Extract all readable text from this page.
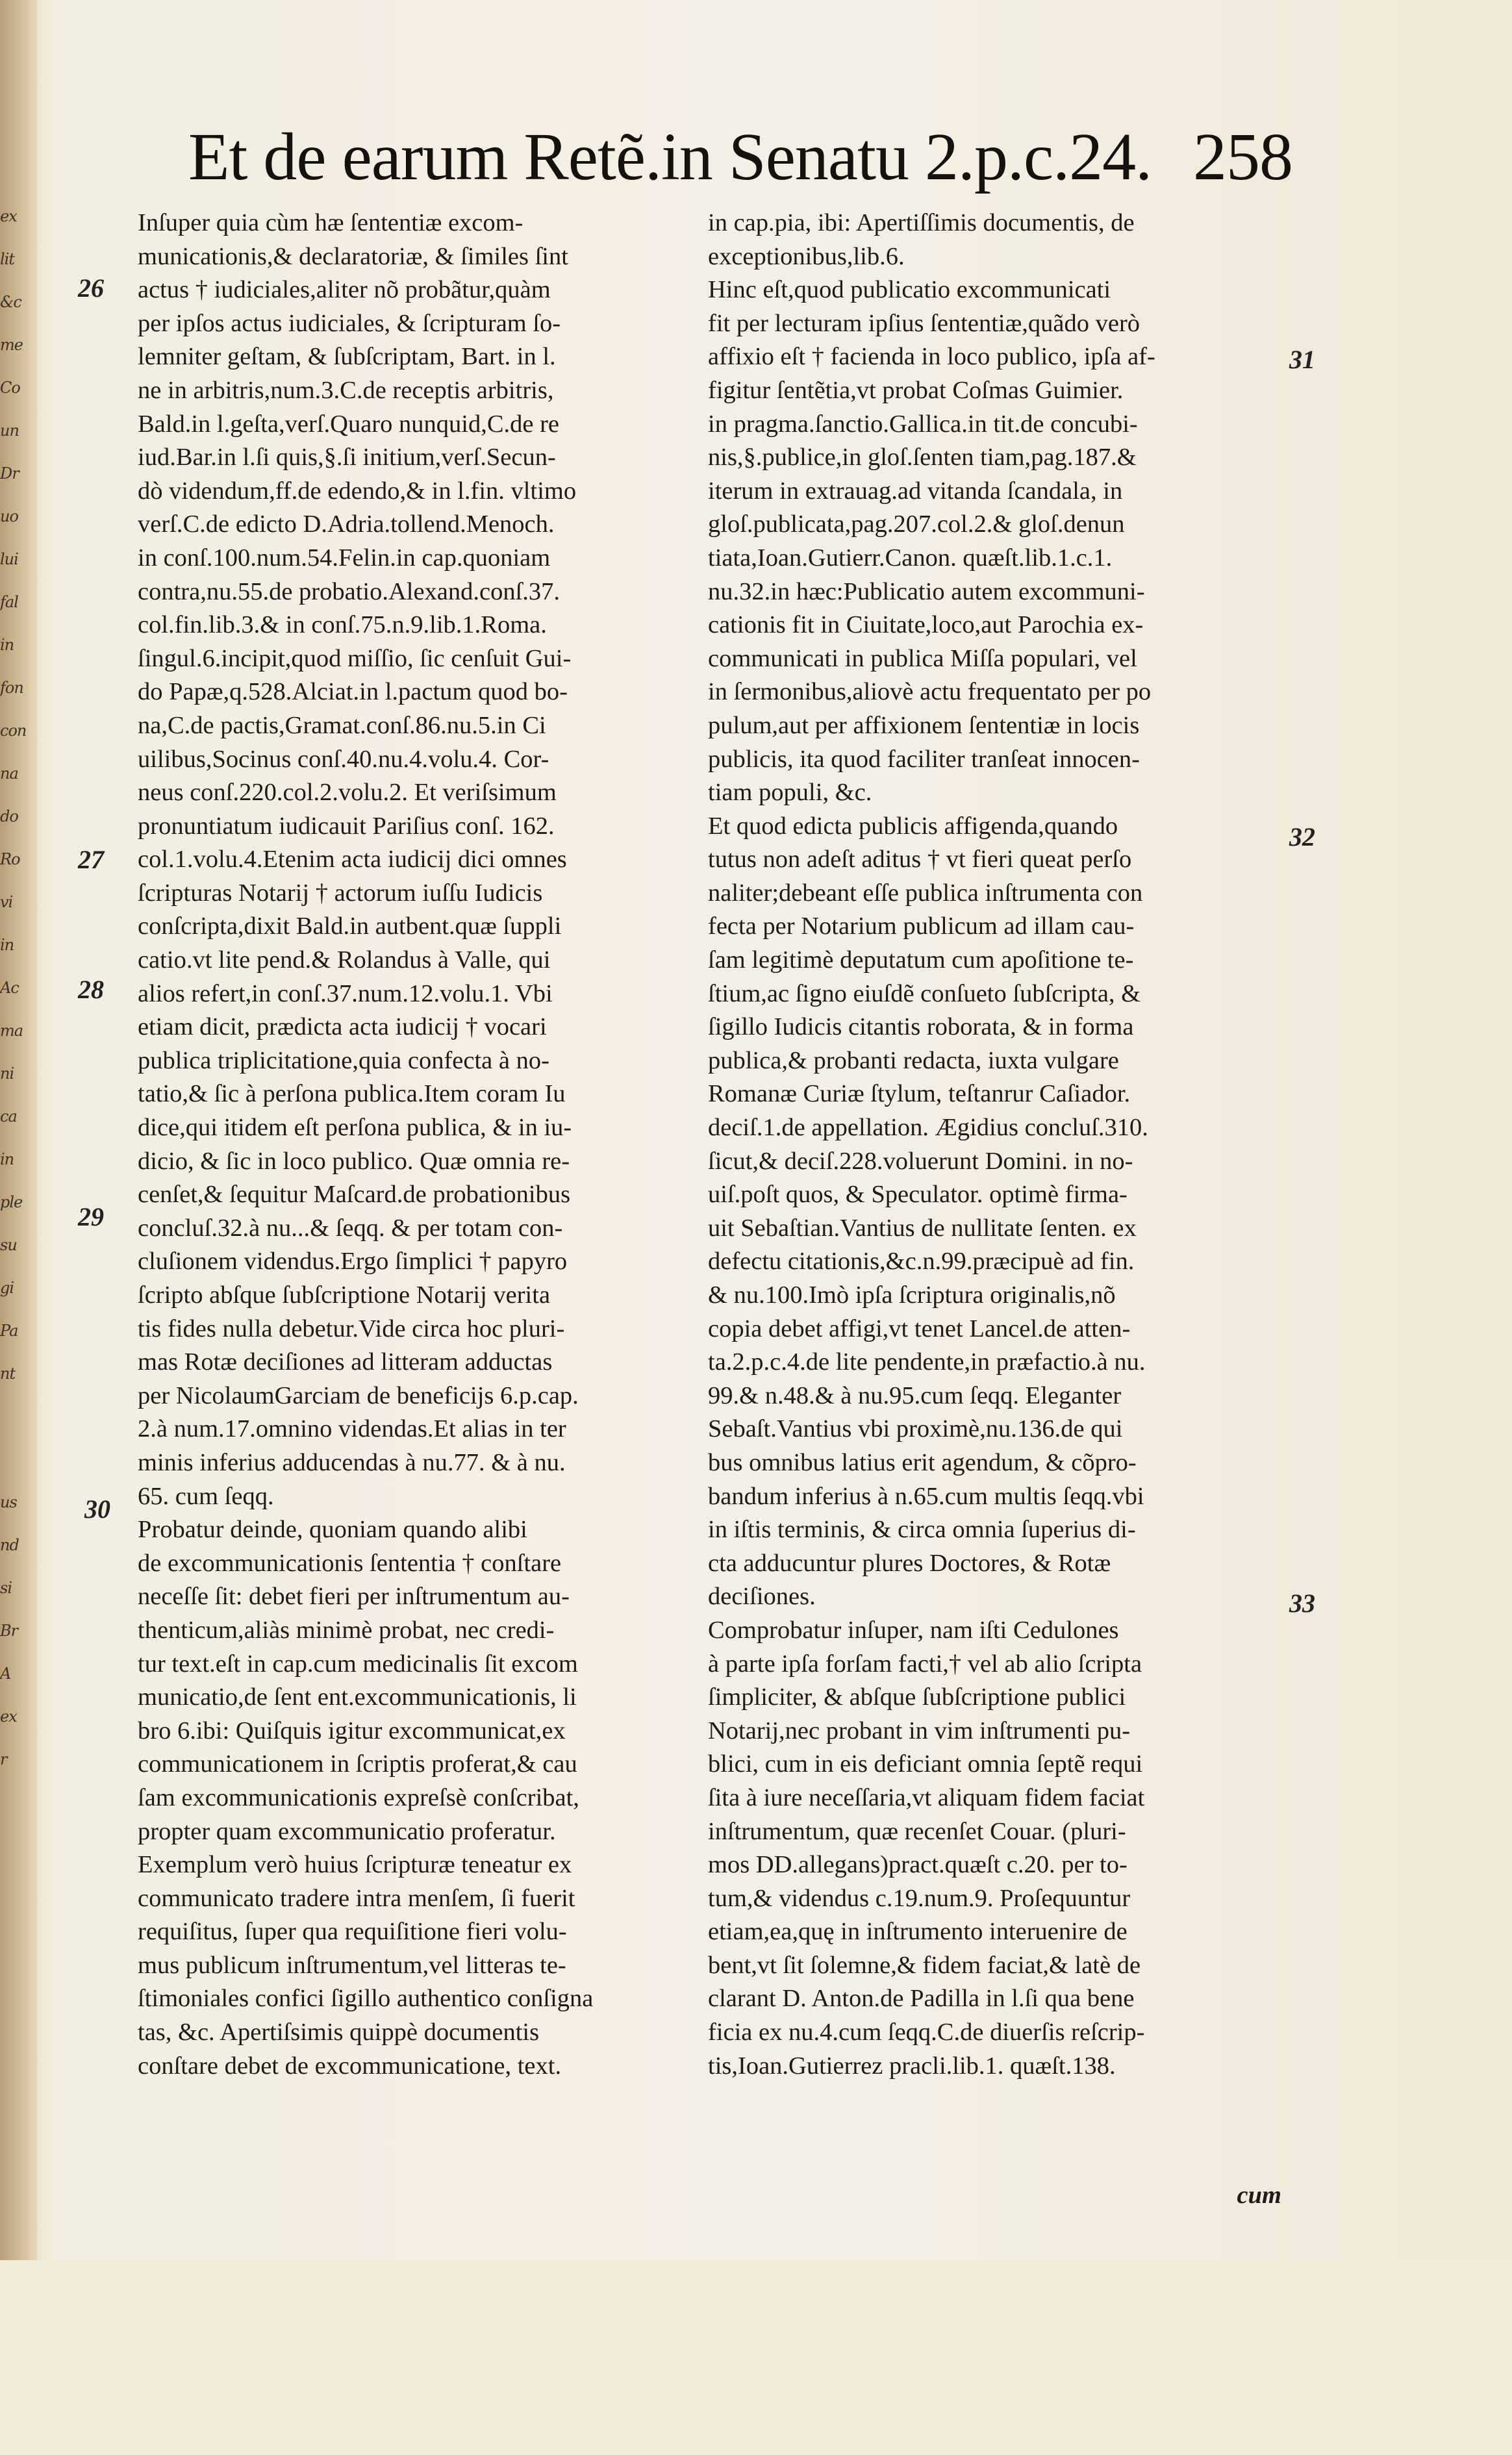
ex
lit
&c
me
Co
un
Dr
uo
lui
fal
in
fon
con
na
do
Ro
vi
in
Ac
ma
ni
ca
in
ple
su
gi
Pa
nt

us
nd
si
Br
A
ex
r
Et de earum Retẽ.in Senatu 2.p.c.24. 258
Inſuper quia cùm hæ ſententiæ excom-
municationis,& declaratoriæ, & ſimiles ſint
actus † iudiciales,aliter nõ probãtur,quàm
per ipſos actus iudiciales, & ſcripturam ſo-
lemniter geſtam, & ſubſcriptam, Bart. in l.
ne in arbitris,num.3.C.de receptis arbitris,
Bald.in l.geſta,verſ.Quaro nunquid,C.de re
iud.Bar.in l.ſi quis,§.ſi initium,verſ.Secun-
dò videndum,ff.de edendo,& in l.fin. vltimo
verſ.C.de edicto D.Adria.tollend.Menoch.
in conſ.100.num.54.Felin.in cap.quoniam
contra,nu.55.de probatio.Alexand.conſ.37.
col.fin.lib.3.& in conſ.75.n.9.lib.1.Roma.
ſingul.6.incipit,quod miſſio, ſic cenſuit Gui-
do Papæ,q.528.Alciat.in l.pactum quod bo-
na,C.de pactis,Gramat.conſ.86.nu.5.in Ci
uilibus,Socinus conſ.40.nu.4.volu.4. Cor-
neus conſ.220.col.2.volu.2. Et veriſsimum
pronuntiatum iudicauit Pariſius conſ. 162.
col.1.volu.4.Etenim acta iudicij dici omnes
ſcripturas Notarij † actorum iuſſu Iudicis
conſcripta,dixit Bald.in autbent.quæ ſuppli
catio.vt lite pend.& Rolandus à Valle, qui
alios refert,in conſ.37.num.12.volu.1. Vbi
etiam dicit, prædicta acta iudicij † vocari
publica triplicitatione,quia confecta à no-
tatio,& ſic à perſona publica.Item coram Iu
dice,qui itidem eſt perſona publica, & in iu-
dicio, & ſic in loco publico. Quæ omnia re-
cenſet,& ſequitur Maſcard.de probationibus
concluſ.32.à nu...& ſeqq. & per totam con-
cluſionem videndus.Ergo ſimplici † papyro
ſcripto abſque ſubſcriptione Notarij verita
tis fides nulla debetur.Vide circa hoc pluri-
mas Rotæ deciſiones ad litteram adductas
per NicolaumGarciam de beneficijs 6.p.cap.
2.à num.17.omnino videndas.Et alias in ter
minis inferius adducendas à nu.77. & à nu.
65. cum ſeqq.
Probatur deinde, quoniam quando alibi
de excommunicationis ſententia † conſtare
neceſſe ſit: debet fieri per inſtrumentum au-
thenticum,aliàs minimè probat, nec credi-
tur text.eſt in cap.cum medicinalis ſit excom
municatio,de ſent ent.excommunicationis, li
bro 6.ibi: Quiſquis igitur excommunicat,ex
communicationem in ſcriptis proferat,& cau
ſam excommunicationis expreſsè conſcribat,
propter quam excommunicatio proferatur.
Exemplum verò huius ſcripturæ teneatur ex
communicato tradere intra menſem, ſi fuerit
requiſitus, ſuper qua requiſitione fieri volu-
mus publicum inſtrumentum,vel litteras te-
ſtimoniales confici ſigillo authentico conſigna
tas, &c. Apertiſsimis quippè documentis
conſtare debet de excommunicatione, text.
in cap.pia, ibi: Apertiſſimis documentis, de
exceptionibus,lib.6.
Hinc eſt,quod publicatio excommunicati
fit per lecturam ipſius ſententiæ,quãdo verò
affixio eſt † facienda in loco publico, ipſa af-
figitur ſentẽtia,vt probat Coſmas Guimier.
in pragma.ſanctio.Gallica.in tit.de concubi-
nis,§.publice,in gloſ.ſenten tiam,pag.187.&
iterum in extrauag.ad vitanda ſcandala, in
gloſ.publicata,pag.207.col.2.& gloſ.denun
tiata,Ioan.Gutierr.Canon. quæſt.lib.1.c.1.
nu.32.in hæc:Publicatio autem excommuni-
cationis fit in Ciuitate,loco,aut Parochia ex-
communicati in publica Miſſa populari, vel
in ſermonibus,aliovè actu frequentato per po
pulum,aut per affixionem ſententiæ in locis
publicis, ita quod faciliter tranſeat innocen-
tiam populi, &c.
Et quod edicta publicis affigenda,quando
tutus non adeſt aditus † vt fieri queat perſo
naliter;debeant eſſe publica inſtrumenta con
fecta per Notarium publicum ad illam cau-
ſam legitimè deputatum cum apoſitione te-
ſtium,ac ſigno eiuſdẽ conſueto ſubſcripta, &
ſigillo Iudicis citantis roborata, & in forma
publica,& probanti redacta, iuxta vulgare
Romanæ Curiæ ſtylum, teſtanrur Caſiador.
deciſ.1.de appellation. Ægidius concluſ.310.
ſicut,& deciſ.228.voluerunt Domini. in no-
uiſ.poſt quos, & Speculator. optimè firma-
uit Sebaſtian.Vantius de nullitate ſenten. ex
defectu citationis,&c.n.99.præcipuè ad fin.
& nu.100.Imò ipſa ſcriptura originalis,nõ
copia debet affigi,vt tenet Lancel.de atten-
ta.2.p.c.4.de lite pendente,in præfactio.à nu.
99.& n.48.& à nu.95.cum ſeqq. Eleganter
Sebaſt.Vantius vbi proximè,nu.136.de qui
bus omnibus latius erit agendum, & cõpro-
bandum inferius à n.65.cum multis ſeqq.vbi
in iſtis terminis, & circa omnia ſuperius di-
cta adducuntur plures Doctores, & Rotæ
deciſiones.
Comprobatur inſuper, nam iſti Cedulones
à parte ipſa forſam facti,† vel ab alio ſcripta
ſimpliciter, & abſque ſubſcriptione publici
Notarij,nec probant in vim inſtrumenti pu-
blici, cum in eis deficiant omnia ſeptẽ requi
ſita à iure neceſſaria,vt aliquam fidem faciat
inſtrumentum, quæ recenſet Couar. (pluri-
mos DD.allegans)pract.quæſt c.20. per to-
tum,& videndus c.19.num.9. Proſequuntur
etiam,ea,quę in inſtrumento interuenire de
bent,vt ſit ſolemne,& fidem faciat,& latè de
clarant D. Anton.de Padilla in l.ſi qua bene
ficia ex nu.4.cum ſeqq.C.de diuerſis reſcrip-
tis,Ioan.Gutierrez pracli.lib.1. quæſt.138.
26
27
28
29
30
31
32
33
cum
